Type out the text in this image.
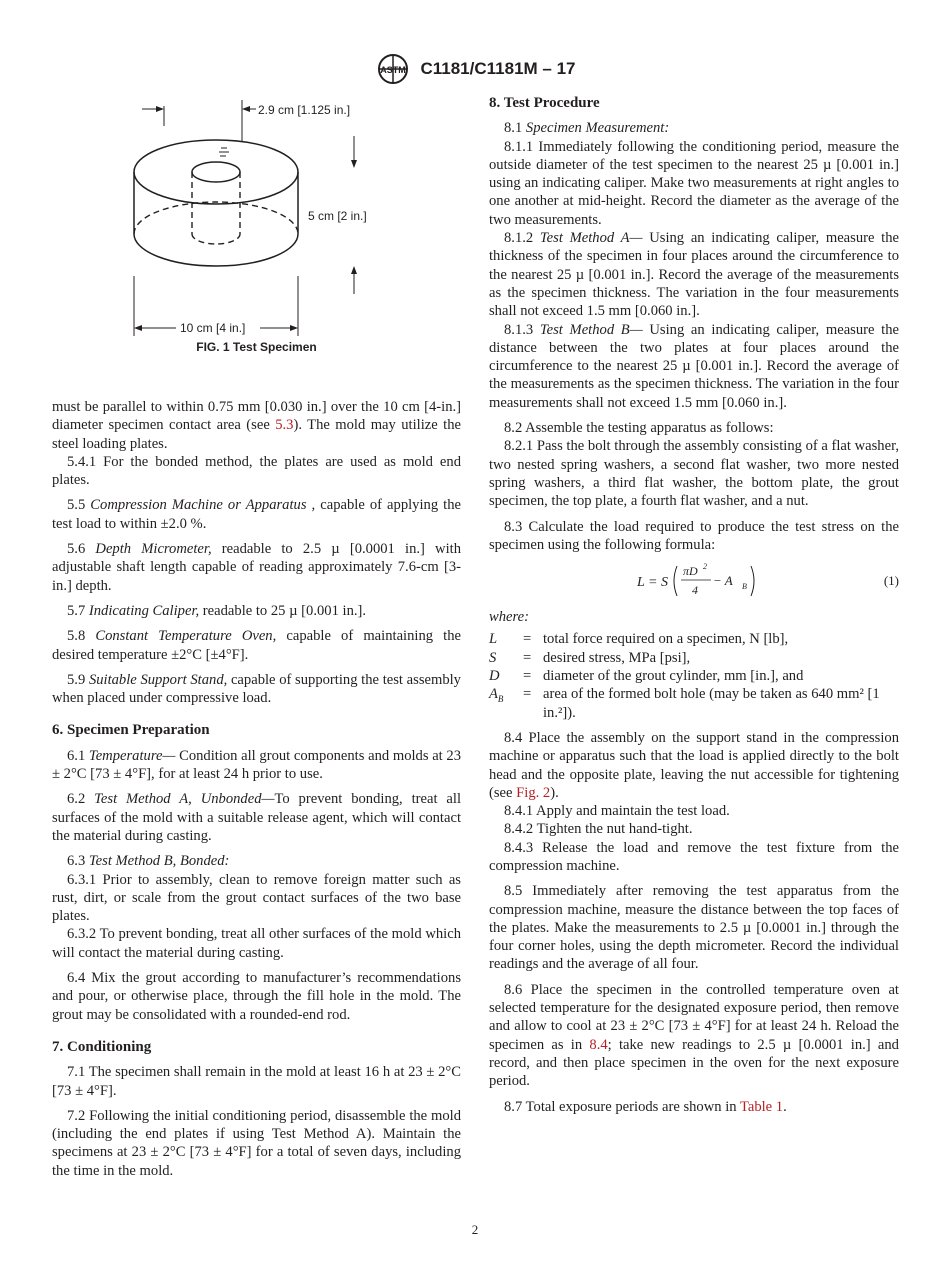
ASTM C1181/C1181M – 17
2.9 cm [1.125 in.]
5 cm [2 in.]
10 cm [4 in.]
FIG. 1 Test Specimen

must be parallel to within 0.75 mm [0.030 in.] over the 10 cm [4-in.] diameter specimen contact area (see 5.3). The mold may utilize the steel loading plates.

5.4.1 For the bonded method, the plates are used as mold end plates.

5.5 Compression Machine or Apparatus , capable of applying the test load to within ±2.0 %.

5.6 Depth Micrometer, readable to 2.5 µ [0.0001 in.] with adjustable shaft length capable of reading approximately 7.6-cm [3-in.] depth.

5.7 Indicating Caliper, readable to 25 µ [0.001 in.].

5.8 Constant Temperature Oven, capable of maintaining the desired temperature ±2°C [±4°F].

5.9 Suitable Support Stand, capable of supporting the test assembly when placed under compressive load.

6. Specimen Preparation

6.1 Temperature— Condition all grout components and molds at 23 ± 2°C [73 ± 4°F], for at least 24 h prior to use.

6.2 Test Method A, Unbonded—To prevent bonding, treat all surfaces of the mold with a suitable release agent, which will contact the material during casting.

6.3 Test Method B, Bonded:

6.3.1 Prior to assembly, clean to remove foreign matter such as rust, dirt, or scale from the grout contact surfaces of the two base plates.

6.3.2 To prevent bonding, treat all other surfaces of the mold which will contact the material during casting.

6.4 Mix the grout according to manufacturer’s recommendations and pour, or otherwise place, through the fill hole in the mold. The grout may be consolidated with a rounded-end rod.

7. Conditioning

7.1 The specimen shall remain in the mold at least 16 h at 23 ± 2°C [73 ± 4°F].

7.2 Following the initial conditioning period, disassemble the mold (including the end plates if using Test Method A). Maintain the specimens at 23 ± 2°C [73 ± 4°F] for a total of seven days, including the time in the mold.

8. Test Procedure

8.1 Specimen Measurement:

8.1.1 Immediately following the conditioning period, measure the outside diameter of the test specimen to the nearest 25 µ [0.001 in.] using an indicating caliper. Make two measurements at right angles to one another at mid-height. Record the diameter as the average of the two measurements.

8.1.2 Test Method A— Using an indicating caliper, measure the thickness of the specimen in four places around the circumference to the nearest 25 µ [0.001 in.]. Record the average of the measurements as the specimen thickness. The variation in the four measurements shall not exceed 1.5 mm [0.060 in.].

8.1.3 Test Method B— Using an indicating caliper, measure the distance between the two plates at four places around the circumference to the nearest 25 µ [0.001 in.]. Record the average of the measurements as the specimen thickness. The variation in the four measurements shall not exceed 1.5 mm [0.060 in.].

8.2 Assemble the testing apparatus as follows:

8.2.1 Pass the bolt through the assembly consisting of a flat washer, two nested spring washers, a second flat washer, two more nested spring washers, a third flat washer, the bottom plate, the grout specimen, the top plate, a fourth flat washer, and a nut.

8.3 Calculate the load required to produce the test stress on the specimen using the following formula:

L = S
πD 2
4
− A B	(1)
where:
L	= total force required on a specimen, N [lb],
S	= desired stress, MPa [psi],
D	= diameter of the grout cylinder, mm [in.], and
$A_B$	= area of the formed bolt hole (may be taken as 640 mm² [1 in.²]).

8.4 Place the assembly on the support stand in the compression machine or apparatus such that the load is applied directly to the bolt head and the opposite plate, leaving the nut accessible for tightening (see Fig. 2).

8.4.1 Apply and maintain the test load.

8.4.2 Tighten the nut hand-tight.

8.4.3 Release the load and remove the test fixture from the compression machine.

8.5 Immediately after removing the test apparatus from the compression machine, measure the distance between the top faces of the plates. Make the measurements to 2.5 µ [0.0001 in.] through the four corner holes, using the depth micrometer. Record the individual readings and the average of all four.

8.6 Place the specimen in the controlled temperature oven at selected temperature for the designated exposure period, then remove and allow to cool at 23 ± 2°C [73 ± 4°F] for at least 24 h. Reload the specimen as in 8.4; take new readings to 2.5 µ [0.0001 in.] and record, and then place specimen in the oven for the next exposure period.

8.7 Total exposure periods are shown in Table 1.

2
